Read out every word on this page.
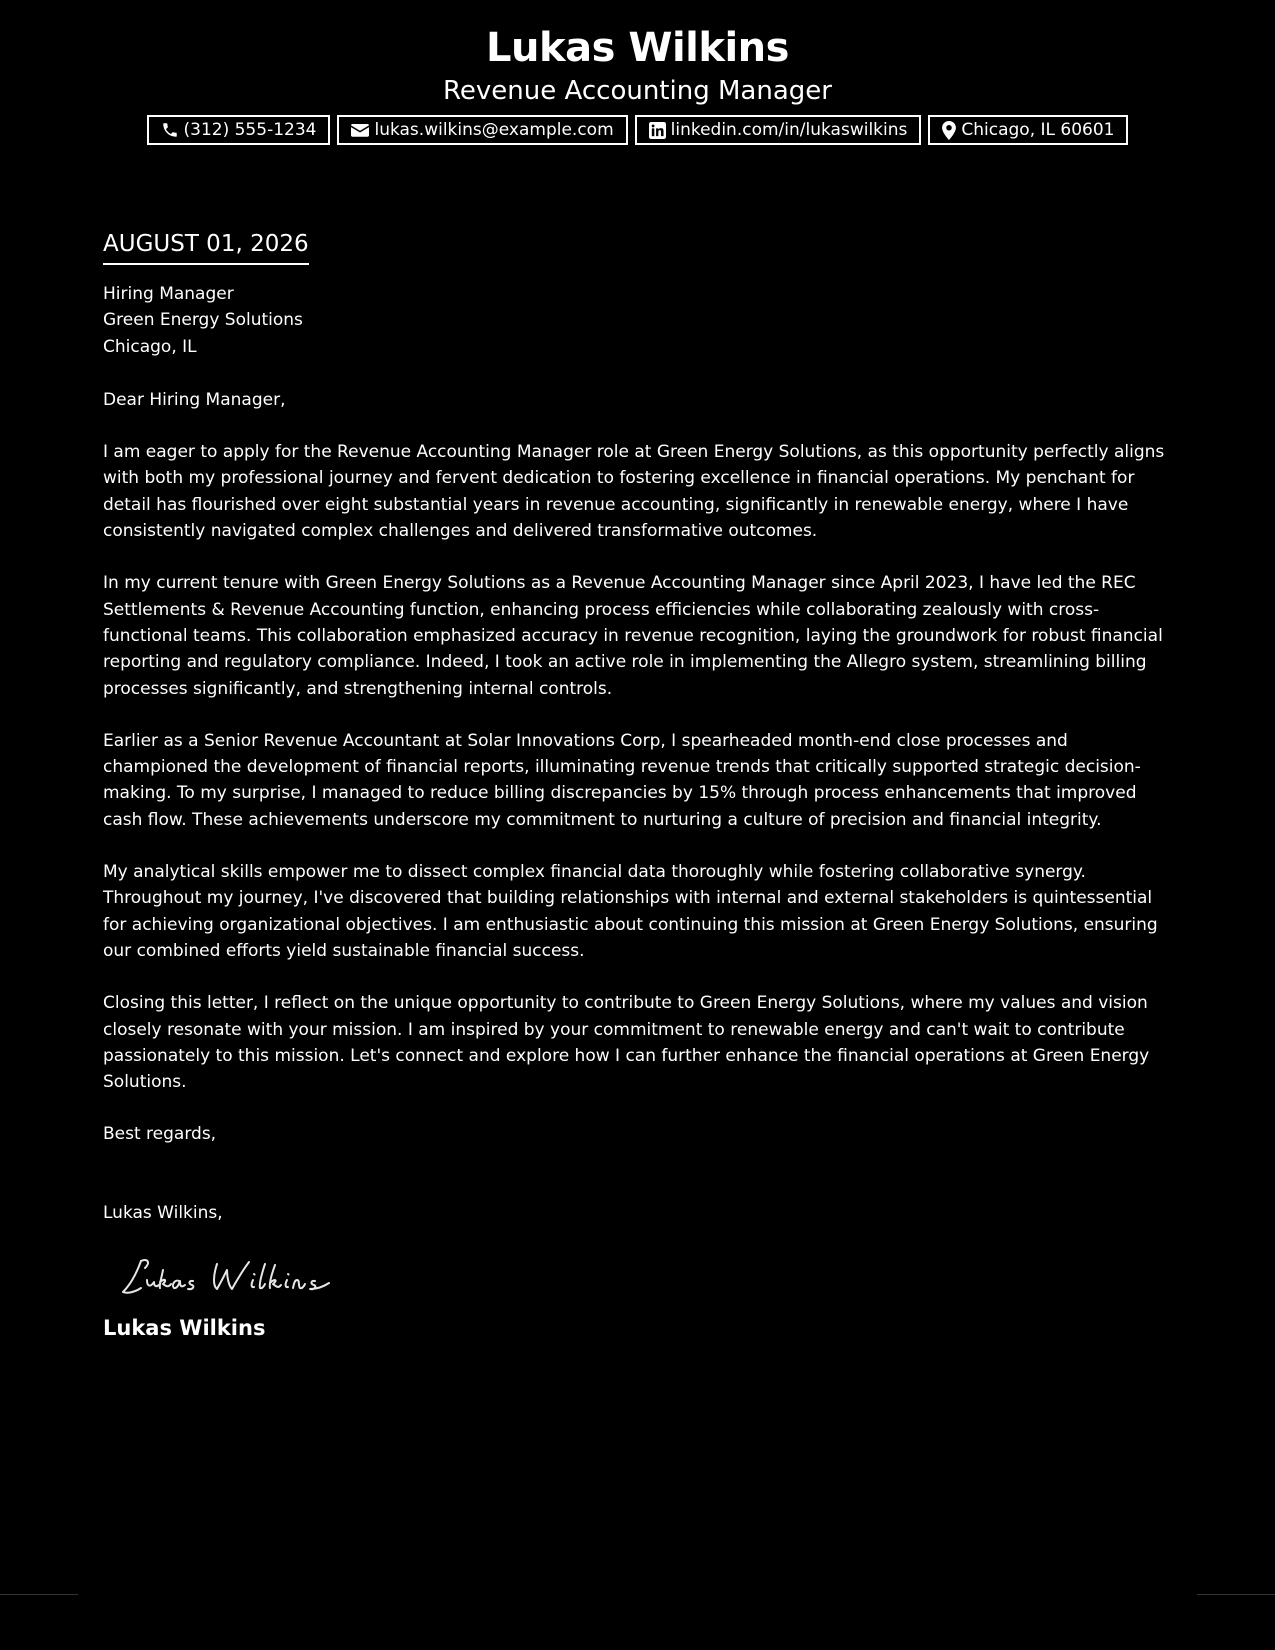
Lukas Wilkins
Revenue Accounting Manager
(312) 555-1234	lukas.wilkins@example.com	linkedin.com/in/lukaswilkins	Chicago, IL 60601
AUGUST 01, 2026
Hiring Manager
Green Energy Solutions
Chicago, IL
Dear Hiring Manager,

I am eager to apply for the Revenue Accounting Manager role at Green Energy Solutions, as this opportunity perfectly aligns with both my professional journey and fervent dedication to fostering excellence in financial operations. My penchant for detail has flourished over eight substantial years in revenue accounting, significantly in renewable energy, where I have consistently navigated complex challenges and delivered transformative outcomes.

In my current tenure with Green Energy Solutions as a Revenue Accounting Manager since April 2023, I have led the REC Settlements & Revenue Accounting function, enhancing process efficiencies while collaborating zealously with cross-functional teams. This collaboration emphasized accuracy in revenue recognition, laying the groundwork for robust financial reporting and regulatory compliance. Indeed, I took an active role in implementing the Allegro system, streamlining billing processes significantly, and strengthening internal controls.

Earlier as a Senior Revenue Accountant at Solar Innovations Corp, I spearheaded month-end close processes and championed the development of financial reports, illuminating revenue trends that critically supported strategic decision-making. To my surprise, I managed to reduce billing discrepancies by 15% through process enhancements that improved cash flow. These achievements underscore my commitment to nurturing a culture of precision and financial integrity.

My analytical skills empower me to dissect complex financial data thoroughly while fostering collaborative synergy. Throughout my journey, I've discovered that building relationships with internal and external stakeholders is quintessential for achieving organizational objectives. I am enthusiastic about continuing this mission at Green Energy Solutions, ensuring our combined efforts yield sustainable financial success.

Closing this letter, I reflect on the unique opportunity to contribute to Green Energy Solutions, where my values and vision closely resonate with your mission. I am inspired by your commitment to renewable energy and can't wait to contribute passionately to this mission. Let's connect and explore how I can further enhance the financial operations at Green Energy Solutions.

Best regards,
Lukas Wilkins,
Lukas Wilkins
